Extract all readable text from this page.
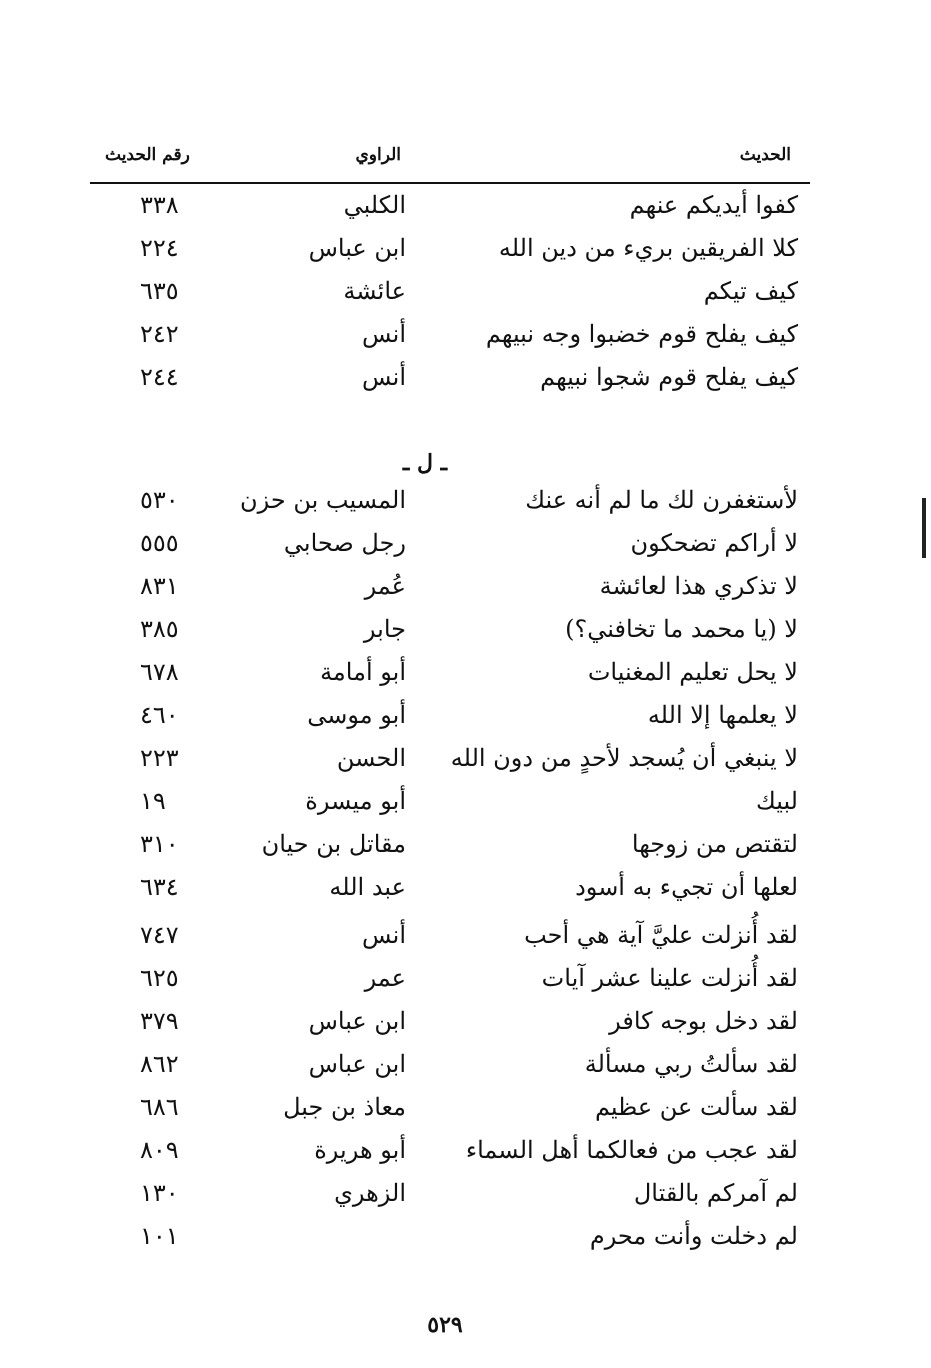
الحديث
الراوي
رقم الحديث
كفوا أيديكم عنهم
الكلبي
٣٣٨
كلا الفريقين بريء من دين الله
ابن عباس
٢٢٤
كيف تيكم
عائشة
٦٣٥
كيف يفلح قوم خضبوا وجه نبيهم
أنس
٢٤٢
كيف يفلح قوم شجوا نبيهم
أنس
٢٤٤
ـ ل ـ
لأستغفرن لك ما لم أنه عنك
المسيب بن حزن
٥٣٠
لا أراكم تضحكون
رجل صحابي
٥٥٥
لا تذكري هذا لعائشة
عُمر
٨٣١
لا (يا محمد ما تخافني؟)
جابر
٣٨٥
لا يحل تعليم المغنيات
أبو أمامة
٦٧٨
لا يعلمها إلا الله
أبو موسى
٤٦٠
لا ينبغي أن يُسجد لأحدٍ من دون الله
الحسن
٢٢٣
لبيك
أبو ميسرة
١٩
لتقتص من زوجها
مقاتل بن حيان
٣١٠
لعلها أن تجيء به أسود
عبد الله
٦٣٤
لقد أُنزلت عليَّ آية هي أحب
أنس
٧٤٧
لقد أُنزلت علينا عشر آيات
عمر
٦٢٥
لقد دخل بوجه كافر
ابن عباس
٣٧٩
لقد سألتُ ربي مسألة
ابن عباس
٨٦٢
لقد سألت عن عظيم
معاذ بن جبل
٦٨٦
لقد عجب من فعالكما أهل السماء
أبو هريرة
٨٠٩
لم آمركم بالقتال
الزهري
١٣٠
لم دخلت وأنت محرم
١٠١
٥٢٩
